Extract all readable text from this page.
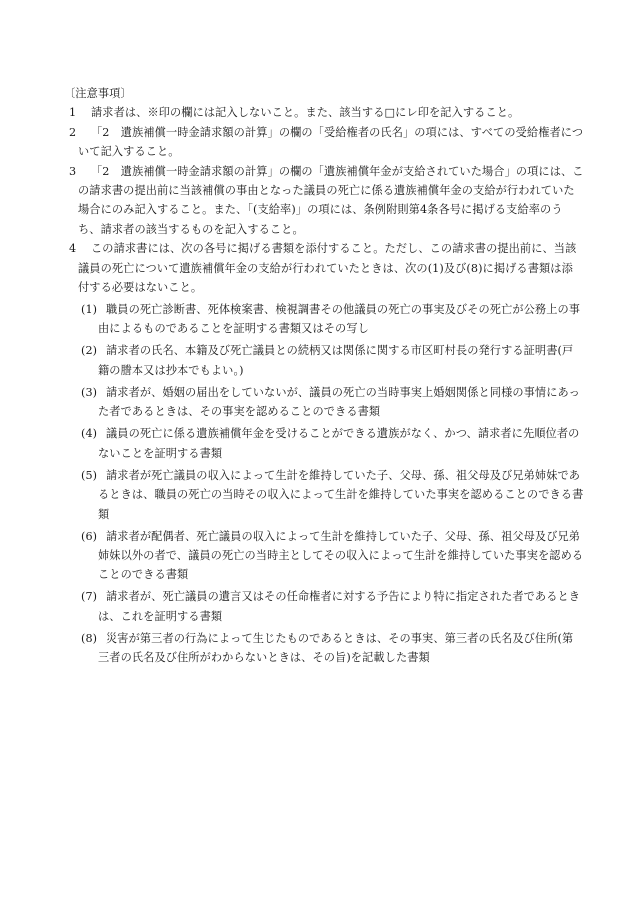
〔注意事項〕
1 請求者は、※印の欄には記入しないこと。また、該当する□にレ印を記入すること。
2 「2　遺族補償一時金請求額の計算」の欄の「受給権者の氏名」の項には、すべての受給権者について記入すること。
3 「2　遺族補償一時金請求額の計算」の欄の「遺族補償年金が支給されていた場合」の項には、この請求書の提出前に当該補償の事由となった議員の死亡に係る遺族補償年金の支給が行われていた場合にのみ記入すること。また、「(支給率)」の項には、条例附則第4条各号に掲げる支給率のうち、請求者の該当するものを記入すること。
4 この請求書には、次の各号に掲げる書類を添付すること。ただし、この請求書の提出前に、当該議員の死亡について遺族補償年金の支給が行われていたときは、次の(1)及び(8)に掲げる書類は添付する必要はないこと。
(1) 職員の死亡診断書、死体検案書、検視調書その他議員の死亡の事実及びその死亡が公務上の事由によるものであることを証明する書類又はその写し
(2) 請求者の氏名、本籍及び死亡議員との続柄又は関係に関する市区町村長の発行する証明書(戸籍の謄本又は抄本でもよい。)
(3) 請求者が、婚姻の届出をしていないが、議員の死亡の当時事実上婚姻関係と同様の事情にあった者であるときは、その事実を認めることのできる書類
(4) 議員の死亡に係る遺族補償年金を受けることができる遺族がなく、かつ、請求者に先順位者のないことを証明する書類
(5) 請求者が死亡議員の収入によって生計を維持していた子、父母、孫、祖父母及び兄弟姉妹であるときは、職員の死亡の当時その収入によって生計を維持していた事実を認めることのできる書類
(6) 請求者が配偶者、死亡議員の収入によって生計を維持していた子、父母、孫、祖父母及び兄弟姉妹以外の者で、議員の死亡の当時主としてその収入によって生計を維持していた事実を認めることのできる書類
(7) 請求者が、死亡議員の遺言又はその任命権者に対する予告により特に指定された者であるときは、これを証明する書類
(8) 災害が第三者の行為によって生じたものであるときは、その事実、第三者の氏名及び住所(第三者の氏名及び住所がわからないときは、その旨)を記載した書類
